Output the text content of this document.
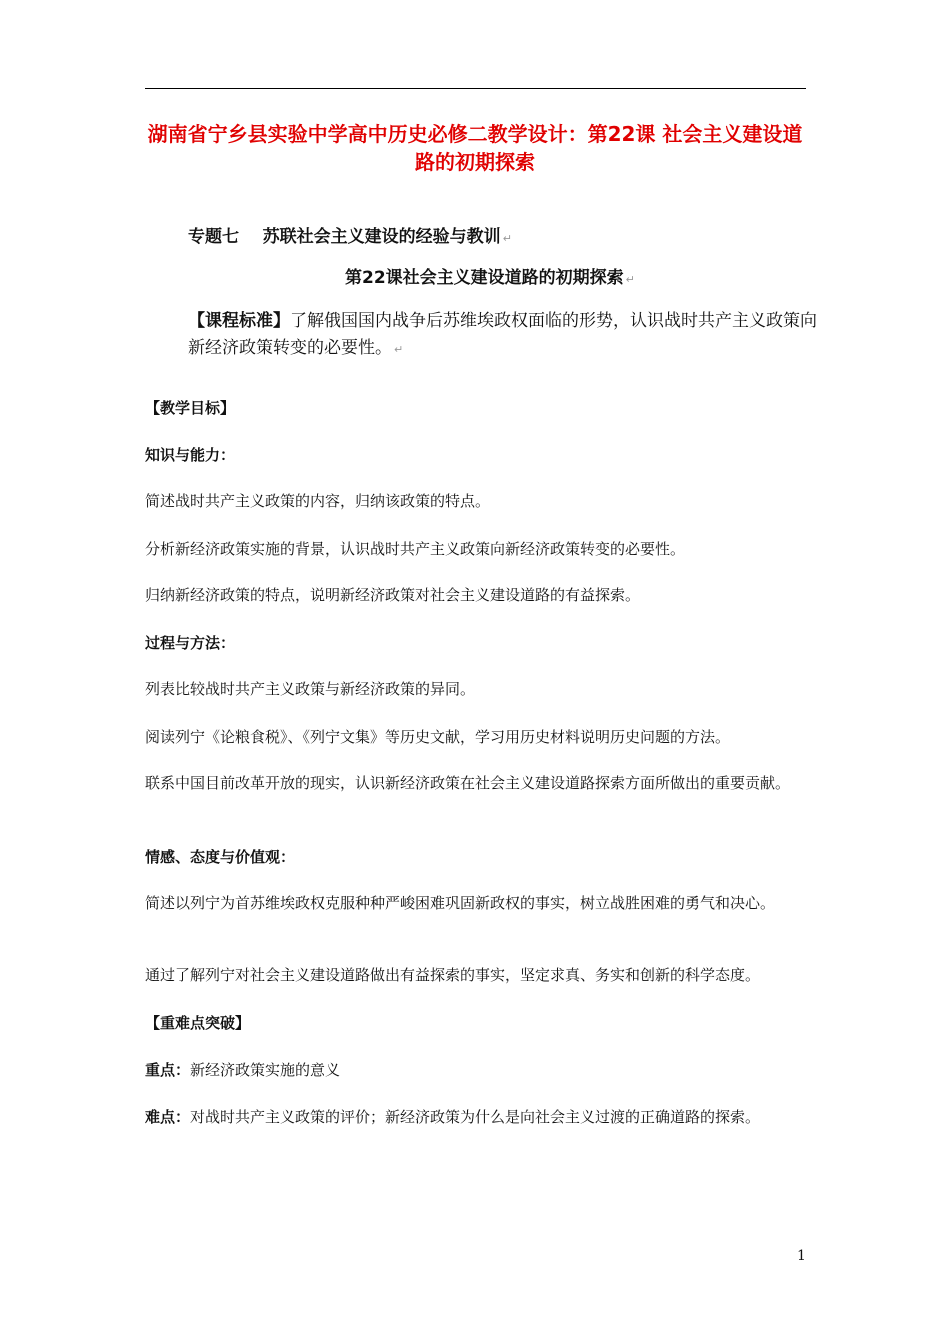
湖南省宁乡县实验中学高中历史必修二教学设计：第22课 社会主义建设道路的初期探索
专题七    苏联社会主义建设的经验与教训 ↵
第22课社会主义建设道路的初期探索 ↵
【课程标准】了解俄国国内战争后苏维埃政权面临的形势，认识战时共产主义政策向新经济政策转变的必要性。 ↵
【教学目标】
知识与能力：
简述战时共产主义政策的内容，归纳该政策的特点。
分析新经济政策实施的背景，认识战时共产主义政策向新经济政策转变的必要性。
归纳新经济政策的特点，说明新经济政策对社会主义建设道路的有益探索。
过程与方法：
列表比较战时共产主义政策与新经济政策的异同。
阅读列宁《论粮食税》、《列宁文集》等历史文献，学习用历史材料说明历史问题的方法。
联系中国目前改革开放的现实，认识新经济政策在社会主义建设道路探索方面所做出的重要贡献。
情感、态度与价值观：
简述以列宁为首苏维埃政权克服种种严峻困难巩固新政权的事实，树立战胜困难的勇气和决心。
通过了解列宁对社会主义建设道路做出有益探索的事实，坚定求真、务实和创新的科学态度。
【重难点突破】
重点：新经济政策实施的意义
难点：对战时共产主义政策的评价；新经济政策为什么是向社会主义过渡的正确道路的探索。
1
